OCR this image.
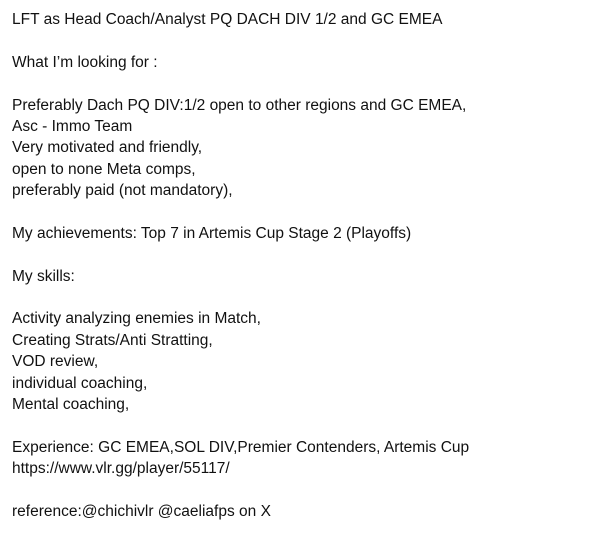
LFT as Head Coach/Analyst PQ DACH DIV 1/2 and GC EMEA
What I’m looking for :
Preferably Dach PQ DIV:1/2 open to other regions and GC EMEA,
Asc - Immo Team
Very motivated and friendly,
open to none Meta comps,
preferably paid (not mandatory),
My achievements: Top 7 in Artemis Cup Stage 2 (Playoffs)
My skills:
Activity analyzing enemies in Match,
Creating Strats/Anti Stratting,
VOD review,
individual coaching,
Mental coaching,
Experience: GC EMEA,SOL DIV,Premier Contenders, Artemis Cup
https://www.vlr.gg/player/55117/
reference:@chichivlr @caeliafps on X
